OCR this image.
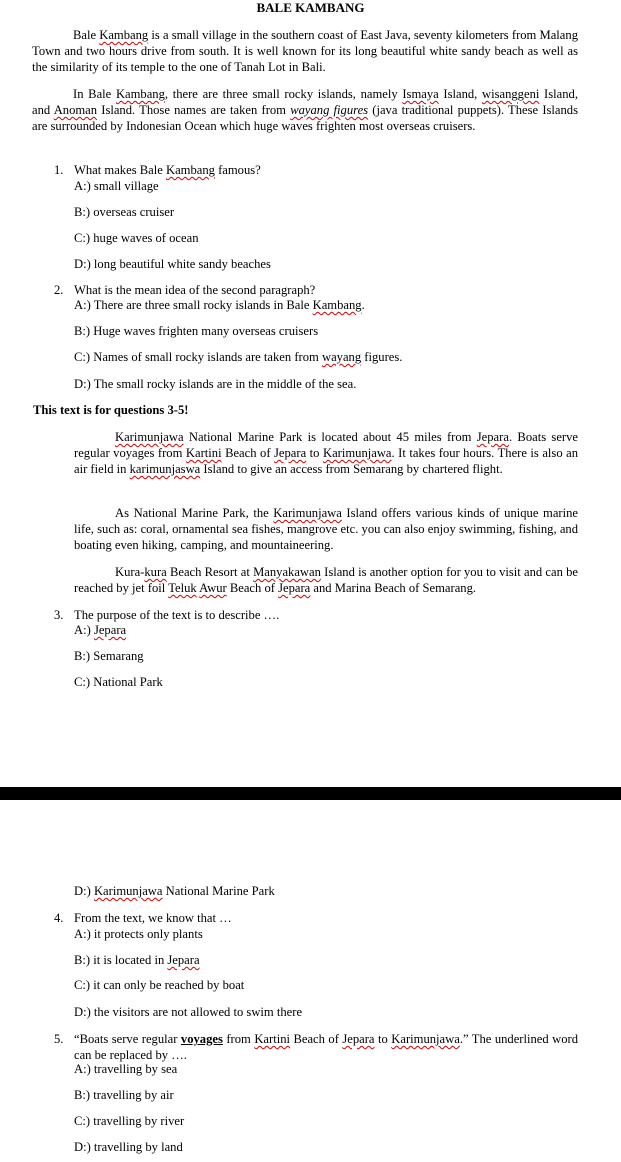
BALE KAMBANG

Bale Kambang is a small village in the southern coast of East Java, seventy kilometers from Malang Town and two hours drive from south. It is well known for its long beautiful white sandy beach as well as the similarity of its temple to the one of Tanah Lot in Bali.

In Bale Kambang, there are three small rocky islands, namely Ismaya Island, wisanggeni Island, and Anoman Island. Those names are taken from wayang figures (java traditional puppets). These Islands are surrounded by Indonesian Ocean which huge waves frighten most overseas cruisers.

1. What makes Bale Kambang famous?
A:) small village
B:) overseas cruiser
C:) huge waves of ocean
D:) long beautiful white sandy beaches
2. What is the mean idea of the second paragraph?
A:) There are three small rocky islands in Bale Kambang.
B:) Huge waves frighten many overseas cruisers
C:) Names of small rocky islands are taken from wayang figures.
D:) The small rocky islands are in the middle of the sea.
This text is for questions 3-5!

Karimunjawa National Marine Park is located about 45 miles from Jepara. Boats serve regular voyages from Kartini Beach of Jepara to Karimunjawa. It takes four hours. There is also an air field in karimunjaswa Island to give an access from Semarang by chartered flight.

As National Marine Park, the Karimunjawa Island offers various kinds of unique marine life, such as: coral, ornamental sea fishes, mangrove etc. you can also enjoy swimming, fishing, and boating even hiking, camping, and mountaineering.

Kura-kura Beach Resort at Manyakawan Island is another option for you to visit and can be reached by jet foil Teluk Awur Beach of Jepara and Marina Beach of Semarang.

3. The purpose of the text is to describe ….
A:) Jepara
B:) Semarang
C:) National Park
D:) Karimunjawa National Marine Park
4. From the text, we know that …
A:) it protects only plants
B:) it is located in Jepara
C:) it can only be reached by boat
D:) the visitors are not allowed to swim there
5. “Boats serve regular voyages from Kartini Beach of Jepara to Karimunjawa.” The underlined word can be replaced by ….

A:) travelling by sea
B:) travelling by air
C:) travelling by river
D:) travelling by land
